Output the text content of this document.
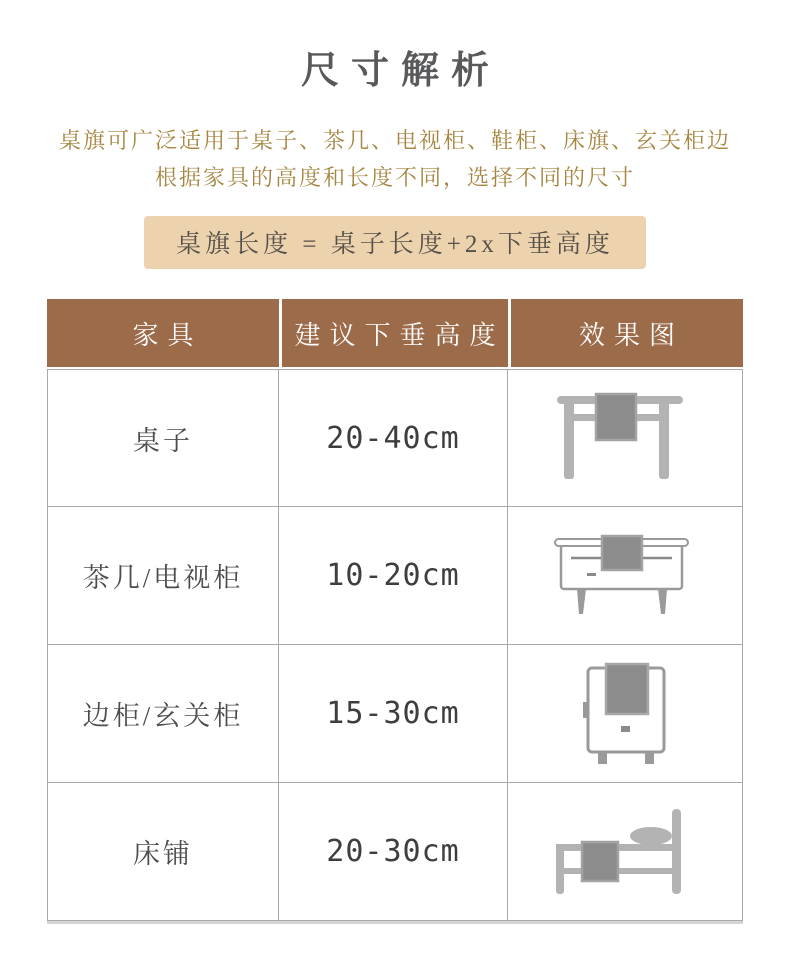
尺寸解析

桌旗可广泛适用于桌子、茶几、电视柜、鞋柜、床旗、玄关柜边

根据家具的高度和长度不同，选择不同的尺寸

桌旗长度 = 桌子长度+2x下垂高度
家具	建议下垂高度	效果图
桌子	20-40cm	

茶几/电视柜	10-20cm	

边柜/玄关柜	15-30cm	

床铺	20-30cm	
